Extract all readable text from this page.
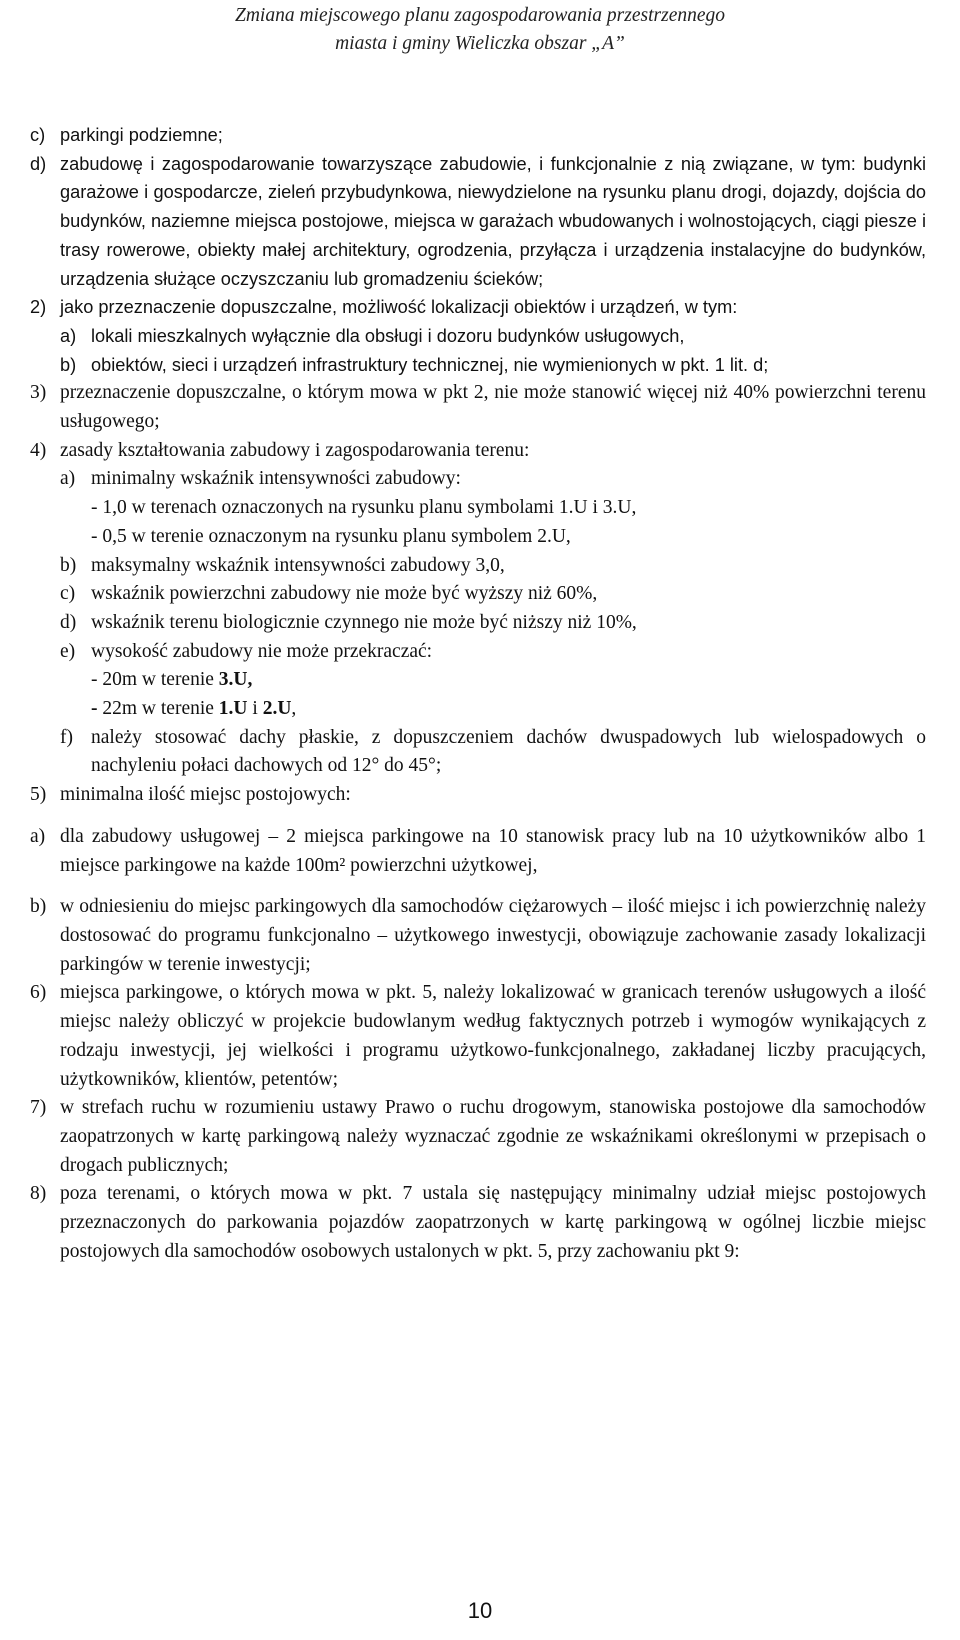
Zmiana miejscowego planu zagospodarowania przestrzennego
miasta i gminy Wieliczka obszar „A”
c) parkingi podziemne;
d) zabudowę i zagospodarowanie towarzyszące zabudowie, i funkcjonalnie z nią związane, w tym: budynki garażowe i gospodarcze, zieleń przybudynkowa, niewydzielone na rysunku planu drogi, dojazdy, dojścia do budynków, naziemne miejsca postojowe, miejsca w garażach wbudowanych i wolnostojących, ciągi piesze i trasy rowerowe, obiekty małej architektury, ogrodzenia, przyłącza i urządzenia instalacyjne do budynków, urządzenia służące oczyszczaniu lub gromadzeniu ścieków;
2) jako przeznaczenie dopuszczalne, możliwość lokalizacji obiektów i urządzeń, w tym:
a) lokali mieszkalnych wyłącznie dla obsługi i dozoru budynków usługowych,
b) obiektów, sieci i urządzeń infrastruktury technicznej, nie wymienionych w pkt. 1 lit. d;
3) przeznaczenie dopuszczalne, o którym mowa w pkt 2, nie może stanowić więcej niż 40% powierzchni terenu usługowego;
4) zasady kształtowania zabudowy i zagospodarowania terenu:
a) minimalny wskaźnik intensywności zabudowy:
- 1,0 w terenach oznaczonych na rysunku planu symbolami 1.U i 3.U,
- 0,5 w terenie oznaczonym na rysunku planu symbolem 2.U,
b) maksymalny wskaźnik intensywności zabudowy 3,0,
c) wskaźnik powierzchni zabudowy nie może być wyższy niż 60%,
d) wskaźnik terenu biologicznie czynnego nie może być niższy niż 10%,
e) wysokość zabudowy nie może przekraczać:
- 20m w terenie 3.U,
- 22m w terenie 1.U i 2.U,
f) należy stosować dachy płaskie, z dopuszczeniem dachów dwuspadowych lub wielospadowych o nachyleniu połaci dachowych od 12° do 45°;
5) minimalna ilość miejsc postojowych:
a) dla zabudowy usługowej – 2 miejsca parkingowe na 10 stanowisk pracy lub na 10 użytkowników albo 1 miejsce parkingowe na każde 100m² powierzchni użytkowej,
b) w odniesieniu do miejsc parkingowych dla samochodów ciężarowych – ilość miejsc i ich powierzchnię należy dostosować do programu funkcjonalno – użytkowego inwestycji, obowiązuje zachowanie zasady lokalizacji parkingów w terenie inwestycji;
6) miejsca parkingowe, o których mowa w pkt. 5, należy lokalizować w granicach terenów usługowych a ilość miejsc należy obliczyć w projekcie budowlanym według faktycznych potrzeb i wymogów wynikających z rodzaju inwestycji, jej wielkości i programu użytkowo-funkcjonalnego, zakładanej liczby pracujących, użytkowników, klientów, petentów;
7) w strefach ruchu w rozumieniu ustawy Prawo o ruchu drogowym, stanowiska postojowe dla samochodów zaopatrzonych w kartę parkingową należy wyznaczać zgodnie ze wskaźnikami określonymi w przepisach o drogach publicznych;
8) poza terenami, o których mowa w pkt. 7 ustala się następujący minimalny udział miejsc postojowych przeznaczonych do parkowania pojazdów zaopatrzonych w kartę parkingową w ogólnej liczbie miejsc postojowych dla samochodów osobowych ustalonych w pkt. 5, przy zachowaniu pkt 9:
10
